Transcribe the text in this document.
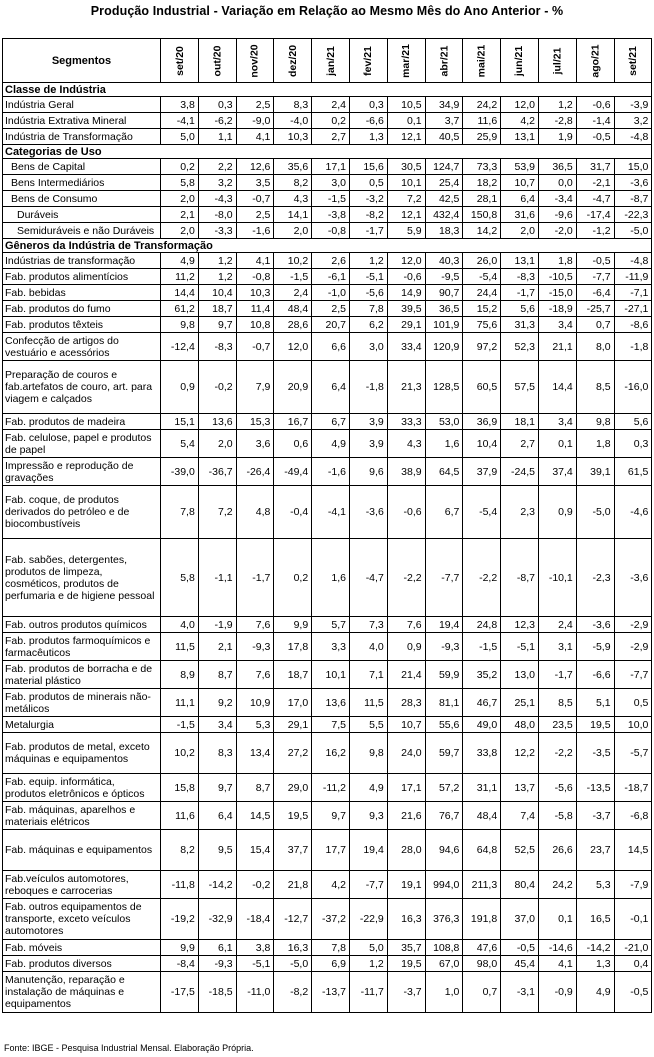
Produção Industrial - Variação em Relação ao Mesmo Mês do Ano Anterior - %
Segmentos	set/20	out/20	nov/20	dez/20	jan/21	fev/21	mar/21	abr/21	mai/21	jun/21	jul/21	ago/21	set/21
Classe de Indústria													
Indústria Geral	3,8	0,3	2,5	8,3	2,4	0,3	10,5	34,9	24,2	12,0	1,2	-0,6	-3,9
Indústria Extrativa Mineral	-4,1	-6,2	-9,0	-4,0	0,2	-6,6	0,1	3,7	11,6	4,2	-2,8	-1,4	3,2
Indústria de Transformação	5,0	1,1	4,1	10,3	2,7	1,3	12,1	40,5	25,9	13,1	1,9	-0,5	-4,8
Categorias de Uso													
Bens de Capital	0,2	2,2	12,6	35,6	17,1	15,6	30,5	124,7	73,3	53,9	36,5	31,7	15,0
Bens Intermediários	5,8	3,2	3,5	8,2	3,0	0,5	10,1	25,4	18,2	10,7	0,0	-2,1	-3,6
Bens de Consumo	2,0	-4,3	-0,7	4,3	-1,5	-3,2	7,2	42,5	28,1	6,4	-3,4	-4,7	-8,7
Duráveis	2,1	-8,0	2,5	14,1	-3,8	-8,2	12,1	432,4	150,8	31,6	-9,6	-17,4	-22,3
Semiduráveis e não Duráveis	2,0	-3,3	-1,6	2,0	-0,8	-1,7	5,9	18,3	14,2	2,0	-2,0	-1,2	-5,0
Gêneros da Indústria de Transformação													
Indústrias de transformação	4,9	1,2	4,1	10,2	2,6	1,2	12,0	40,3	26,0	13,1	1,8	-0,5	-4,8
Fab. produtos alimentícios	11,2	1,2	-0,8	-1,5	-6,1	-5,1	-0,6	-9,5	-5,4	-8,3	-10,5	-7,7	-11,9
Fab. bebidas	14,4	10,4	10,3	2,4	-1,0	-5,6	14,9	90,7	24,4	-1,7	-15,0	-6,4	-7,1
Fab. produtos do fumo	61,2	18,7	11,4	48,4	2,5	7,8	39,5	36,5	15,2	5,6	-18,9	-25,7	-27,1
Fab. produtos têxteis	9,8	9,7	10,8	28,6	20,7	6,2	29,1	101,9	75,6	31,3	3,4	0,7	-8,6
Confecção de artigos do vestuário e acessórios	-12,4	-8,3	-0,7	12,0	6,6	3,0	33,4	120,9	97,2	52,3	21,1	8,0	-1,8
Preparação de couros e fab.artefatos de couro, art. para viagem e calçados	0,9	-0,2	7,9	20,9	6,4	-1,8	21,3	128,5	60,5	57,5	14,4	8,5	-16,0
Fab. produtos de madeira	15,1	13,6	15,3	16,7	6,7	3,9	33,3	53,0	36,9	18,1	3,4	9,8	5,6
Fab. celulose, papel e produtos de papel	5,4	2,0	3,6	0,6	4,9	3,9	4,3	1,6	10,4	2,7	0,1	1,8	0,3
Impressão e reprodução de gravações	-39,0	-36,7	-26,4	-49,4	-1,6	9,6	38,9	64,5	37,9	-24,5	37,4	39,1	61,5
Fab. coque, de produtos derivados do petróleo e de biocombustíveis	7,8	7,2	4,8	-0,4	-4,1	-3,6	-0,6	6,7	-5,4	2,3	0,9	-5,0	-4,6
Fab. sabões, detergentes, produtos de limpeza, cosméticos, produtos de perfumaria e de higiene pessoal	5,8	-1,1	-1,7	0,2	1,6	-4,7	-2,2	-7,7	-2,2	-8,7	-10,1	-2,3	-3,6
Fab. outros produtos químicos	4,0	-1,9	7,6	9,9	5,7	7,3	7,6	19,4	24,8	12,3	2,4	-3,6	-2,9
Fab. produtos farmoquímicos e farmacêuticos	11,5	2,1	-9,3	17,8	3,3	4,0	0,9	-9,3	-1,5	-5,1	3,1	-5,9	-2,9
Fab. produtos de borracha e de material plástico	8,9	8,7	7,6	18,7	10,1	7,1	21,4	59,9	35,2	13,0	-1,7	-6,6	-7,7
Fab. produtos de minerais não-metálicos	11,1	9,2	10,9	17,0	13,6	11,5	28,3	81,1	46,7	25,1	8,5	5,1	0,5
Metalurgia	-1,5	3,4	5,3	29,1	7,5	5,5	10,7	55,6	49,0	48,0	23,5	19,5	10,0
Fab. produtos de metal, exceto máquinas e equipamentos	10,2	8,3	13,4	27,2	16,2	9,8	24,0	59,7	33,8	12,2	-2,2	-3,5	-5,7
Fab. equip. informática, produtos eletrônicos e ópticos	15,8	9,7	8,7	29,0	-11,2	4,9	17,1	57,2	31,1	13,7	-5,6	-13,5	-18,7
Fab. máquinas, aparelhos e materiais elétricos	11,6	6,4	14,5	19,5	9,7	9,3	21,6	76,7	48,4	7,4	-5,8	-3,7	-6,8
Fab. máquinas e equipamentos	8,2	9,5	15,4	37,7	17,7	19,4	28,0	94,6	64,8	52,5	26,6	23,7	14,5
Fab.veículos automotores, reboques e carrocerias	-11,8	-14,2	-0,2	21,8	4,2	-7,7	19,1	994,0	211,3	80,4	24,2	5,3	-7,9
Fab. outros equipamentos de transporte, exceto veículos automotores	-19,2	-32,9	-18,4	-12,7	-37,2	-22,9	16,3	376,3	191,8	37,0	0,1	16,5	-0,1
Fab. móveis	9,9	6,1	3,8	16,3	7,8	5,0	35,7	108,8	47,6	-0,5	-14,6	-14,2	-21,0
Fab. produtos diversos	-8,4	-9,3	-5,1	-5,0	6,9	1,2	19,5	67,0	98,0	45,4	4,1	1,3	0,4
Manutenção, reparação e instalação de máquinas e equipamentos	-17,5	-18,5	-11,0	-8,2	-13,7	-11,7	-3,7	1,0	0,7	-3,1	-0,9	4,9	-0,5
Fonte: IBGE - Pesquisa Industrial Mensal. Elaboração Própria.
